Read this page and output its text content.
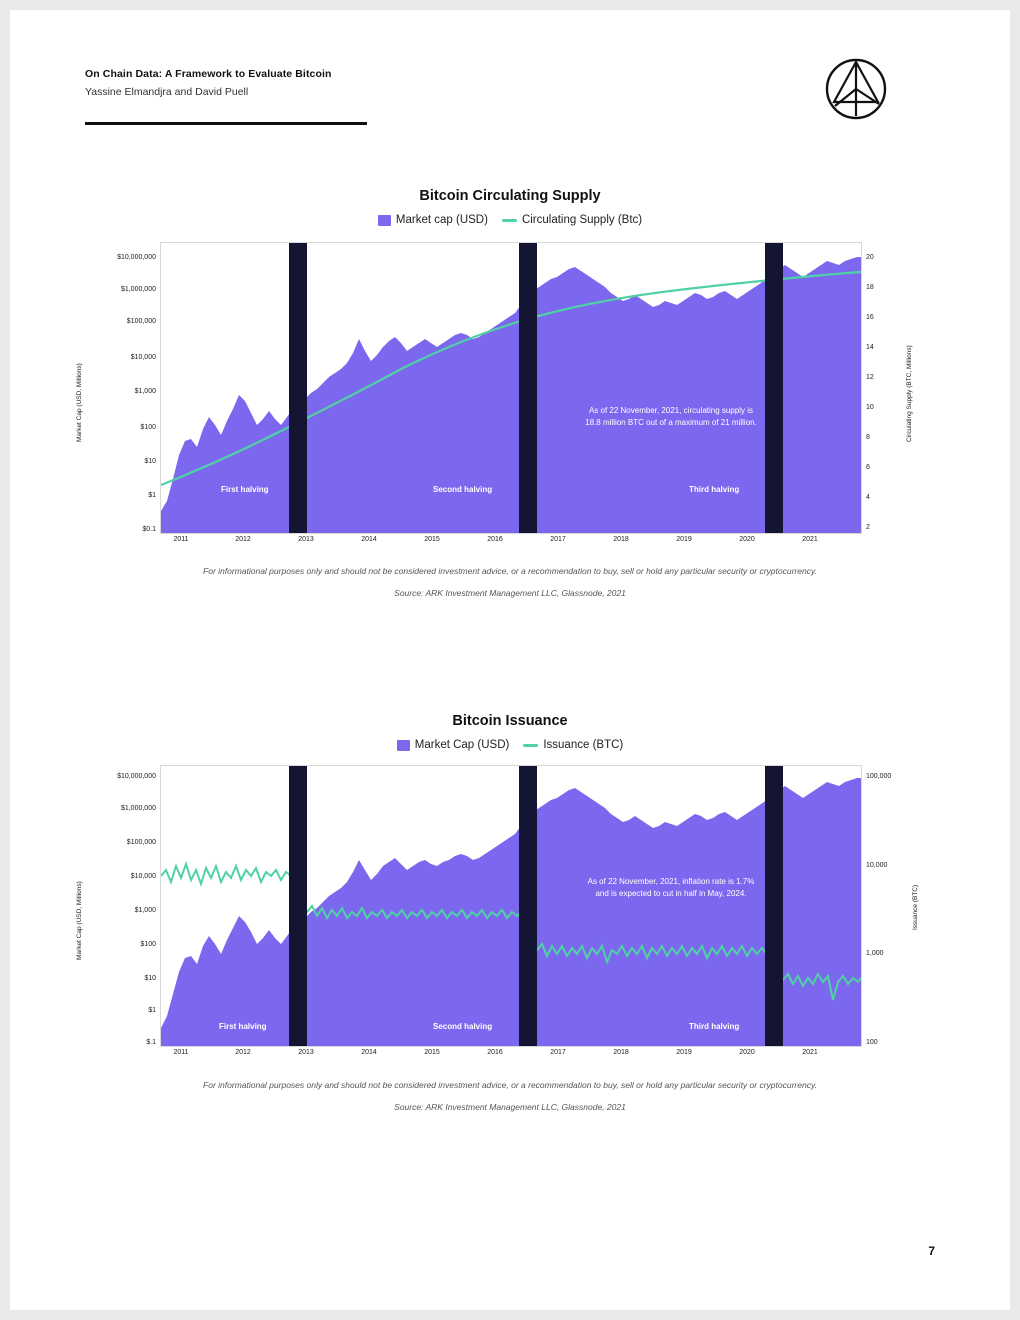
On Chain Data: A Framework to Evaluate Bitcoin
Yassine Elmandjra and David Puell
Bitcoin Circulating Supply
Market cap (USD)	Circulating Supply (Btc)
First halving	Second halving	Third halving
As of 22 November, 2021, circulating supply is 18.8 million BTC out of a maximum of 21 million.
$10,000,000
$1,000,000
$100,000
$10,000
$1,000
$100
$10
$1
$0.1
20
18
16
14
12
10
8
6
4
2
2011	2012	2013	2014	2015	2016	2017	2018	2019	2020	2021
Market Cap (USD, Millions)	Circulating Supply (BTC, Millions)
For informational purposes only and should not be considered investment advice, or a recommendation to buy, sell or hold any particular security or cryptocurrency.
Source: ARK Investment Management LLC, Glassnode, 2021
Bitcoin Issuance
Market Cap (USD)	Issuance (BTC)
First halving	Second halving	Third halving
As of 22 November, 2021, inflation rate is 1.7% and is expected to cut in half in May, 2024.
$10,000,000
$1,000,000
$100,000
$10,000
$1,000
$100
$10
$1
$.1
100,000
10,000
1,000
100
2011	2012	2013	2014	2015	2016	2017	2018	2019	2020	2021
Market Cap (USD, Millions)	Issuance (BTC)
For informational purposes only and should not be considered investment advice, or a recommendation to buy, sell or hold any particular security or cryptocurrency.
Source: ARK Investment Management LLC, Glassnode, 2021
7
